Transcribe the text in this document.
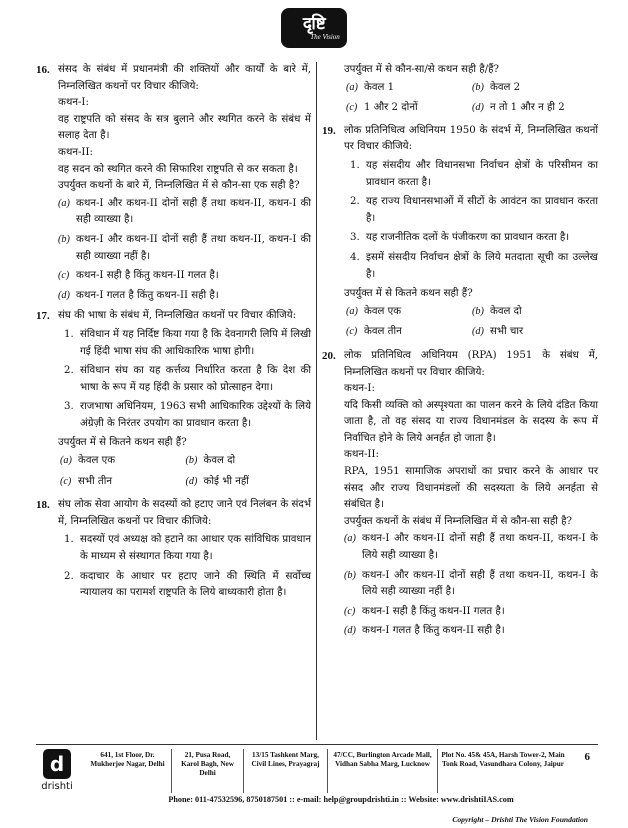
दृष्टि
The Vision
16. संसद के संबंध में प्रधानमंत्री की शक्तियों और कार्यों के बारे में, निम्नलिखित कथनों पर विचार कीजिये:
कथन-I:
वह राष्ट्रपति को संसद के सत्र बुलाने और स्थगित करने के संबंध में सलाह देता है।
कथन-II:
वह सदन को स्थगित करने की सिफारिश राष्ट्रपति से कर सकता है।
उपर्युक्त कथनों के बारे में, निम्नलिखित में से कौन-सा एक सही है?
(a) कथन-I और कथन-II दोनों सही हैं तथा कथन-II, कथन-I की सही व्याख्या है।
(b) कथन-I और कथन-II दोनों सही हैं तथा कथन-II, कथन-I की सही व्याख्या नहीं है।
(c) कथन-I सही है किंतु कथन-II गलत है।
(d) कथन-I गलत है किंतु कथन-II सही है।
17. संघ की भाषा के संबंध में, निम्नलिखित कथनों पर विचार कीजिये:
1. संविधान में यह निर्दिष्ट किया गया है कि देवनागरी लिपि में लिखी गई हिंदी भाषा संघ की आधिकारिक भाषा होगी।
2. संविधान संघ का यह कर्त्तव्य निर्धारित करता है कि देश की भाषा के रूप में यह हिंदी के प्रसार को प्रोत्साहन देगा।
3. राजभाषा अधिनियम, 1963 सभी आधिकारिक उद्देश्यों के लिये अंग्रेज़ी के निरंतर उपयोग का प्रावधान करता है।
उपर्युक्त में से कितने कथन सही हैं?
(a) केवल एक	(b) केवल दो
(c) सभी तीन	(d) कोई भी नहीं
18. संघ लोक सेवा आयोग के सदस्यों को हटाए जाने एवं निलंबन के संदर्भ में, निम्नलिखित कथनों पर विचार कीजिये:
1. सदस्यों एवं अध्यक्ष को हटाने का आधार एक सांविधिक प्रावधान के माध्यम से संस्थागत किया गया है।
2. कदाचार के आधार पर हटाए जाने की स्थिति में सर्वोच्च न्यायालय का परामर्श राष्ट्रपति के लिये बाध्यकारी होता है।
उपर्युक्त में से कौन-सा/से कथन सही है/हैं?
(a) केवल 1	(b) केवल 2
(c) 1 और 2 दोनों	(d) न तो 1 और न ही 2
19. लोक प्रतिनिधित्व अधिनियम 1950 के संदर्भ में, निम्नलिखित कथनों पर विचार कीजिये:
1. यह संसदीय और विधानसभा निर्वाचन क्षेत्रों के परिसीमन का प्रावधान करता है।
2. यह राज्य विधानसभाओं में सीटों के आवंटन का प्रावधान करता है।
3. यह राजनीतिक दलों के पंजीकरण का प्रावधान करता है।
4. इसमें संसदीय निर्वाचन क्षेत्रों के लिये मतदाता सूची का उल्लेख है।
उपर्युक्त में से कितने कथन सही हैं?
(a) केवल एक	(b) केवल दो
(c) केवल तीन	(d) सभी चार
20. लोक प्रतिनिधित्व अधिनियम (RPA) 1951 के संबंध में, निम्नलिखित कथनों पर विचार कीजिये:
कथन-I:
यदि किसी व्यक्ति को अस्पृश्यता का पालन करने के लिये दंडित किया जाता है, तो वह संसद या राज्य विधानमंडल के सदस्य के रूप में निर्वाचित होने के लिये अनर्हत हो जाता है।
कथन-II:
RPA, 1951 सामाजिक अपराधों का प्रचार करने के आधार पर संसद और राज्य विधानमंडलों की सदस्यता के लिये अनर्हता से संबंधित है।
उपर्युक्त कथनों के संबंध में निम्नलिखित में से कौन-सा सही है?
(a) कथन-I और कथन-II दोनों सही हैं तथा कथन-II, कथन-I के लिये सही व्याख्या है।
(b) कथन-I और कथन-II दोनों सही हैं तथा कथन-II, कथन-I के लिये सही व्याख्या नहीं है।
(c) कथन-I सही है किंतु कथन-II गलत है।
(d) कथन-I गलत है किंतु कथन-II सही है।
d
drishti
641, 1st Floor, Dr. Mukherjee Nagar, Delhi
21, Pusa Road, Karol Bagh, New Delhi
13/15 Tashkent Marg, Civil Lines, Prayagraj
47/CC, Burlington Arcade Mall, Vidhan Sabha Marg, Lucknow
Plot No. 45& 45A, Harsh Tower-2, Main Tonk Road, Vasundhara Colony, Jaipur
6
Phone: 011-47532596, 8750187501 :: e-mail: help@groupdrishti.in :: Website: www.drishtiIAS.com
Copyright – Drishti The Vision Foundation
